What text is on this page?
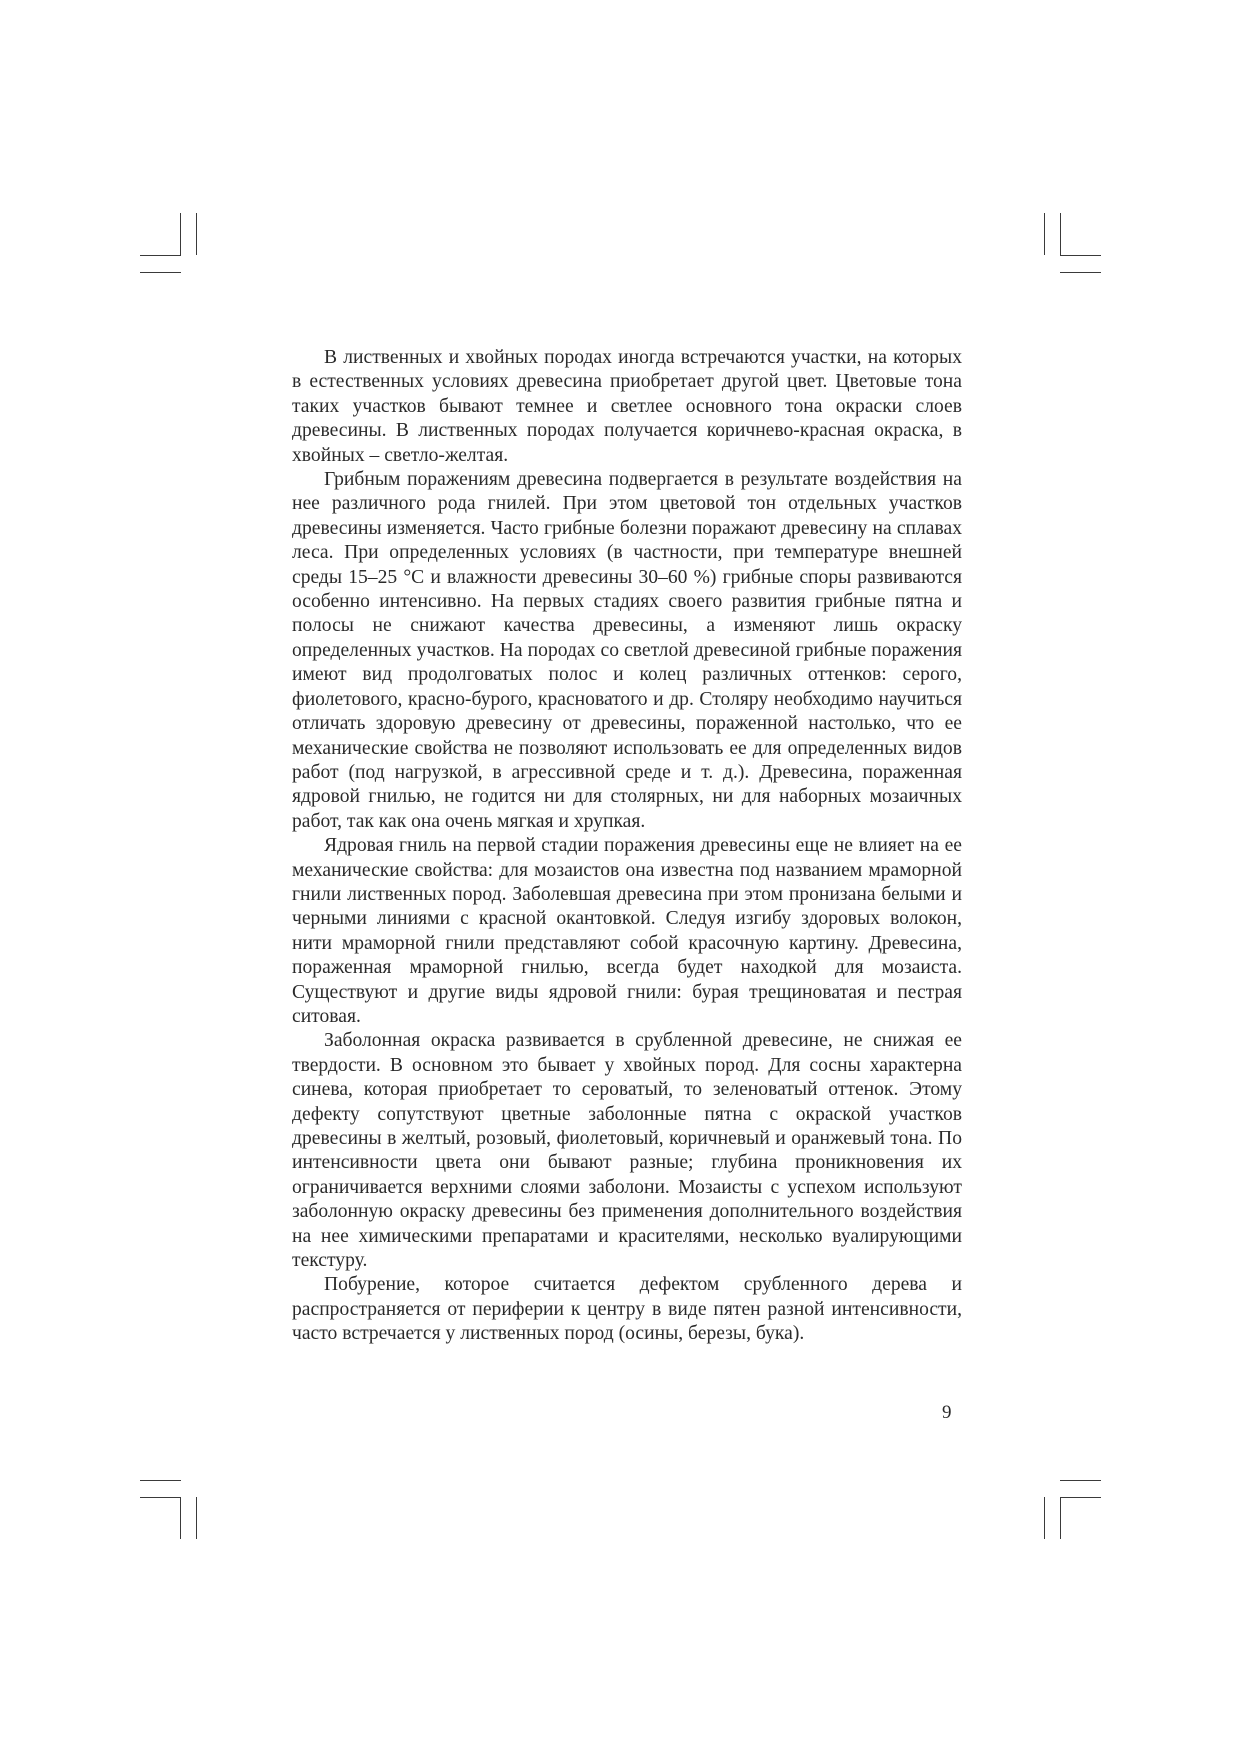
В лиственных и хвойных породах иногда встречаются участки, на которых в естественных условиях древесина приобретает другой цвет. Цветовые тона таких участков бывают темнее и светлее основного тона окраски слоев древесины. В лиственных породах получается коричнево-красная окраска, в хвойных – светло-желтая.

Грибным поражениям древесина подвергается в результате воздействия на нее различного рода гнилей. При этом цветовой тон отдельных участков древесины изменяется. Часто грибные болезни поражают древесину на сплавах леса. При определенных условиях (в частности, при температуре внешней среды 15–25 °С и влажности древесины 30–60 %) грибные споры развиваются особенно интенсивно. На первых стадиях своего развития грибные пятна и полосы не снижают качества древесины, а изменяют лишь окраску определенных участков. На породах со светлой древесиной грибные поражения имеют вид продолговатых полос и колец различных оттенков: серого, фиолетового, красно-бурого, красноватого и др. Столяру необходимо научиться отличать здоровую древесину от древесины, пораженной настолько, что ее механические свойства не позволяют использовать ее для определенных видов работ (под нагрузкой, в агрессивной среде и т. д.). Древесина, пораженная ядровой гнилью, не годится ни для столярных, ни для наборных мозаичных работ, так как она очень мягкая и хрупкая.

Ядровая гниль на первой стадии поражения древесины еще не влияет на ее механические свойства: для мозаистов она известна под названием мраморной гнили лиственных пород. Заболевшая древесина при этом пронизана белыми и черными линиями с красной окантовкой. Следуя изгибу здоровых волокон, нити мраморной гнили представляют собой красочную картину. Древесина, пораженная мраморной гнилью, всегда будет находкой для мозаиста. Существуют и другие виды ядровой гнили: бурая трещиноватая и пестрая ситовая.

Заболонная окраска развивается в срубленной древесине, не снижая ее твердости. В основном это бывает у хвойных пород. Для сосны характерна синева, которая приобретает то сероватый, то зеленоватый оттенок. Этому дефекту сопутствуют цветные заболонные пятна с окраской участков древесины в желтый, розовый, фиолетовый, коричневый и оранжевый тона. По интенсивности цвета они бывают разные; глубина проникновения их ограничивается верхними слоями заболони. Мозаисты с успехом используют заболонную окраску древесины без применения дополнительного воздействия на нее химическими препаратами и красителями, несколько вуалирующими текстуру.

Побурение, которое считается дефектом срубленного дерева и распространяется от периферии к центру в виде пятен разной интенсивности, часто встречается у лиственных пород (осины, березы, бука).

9
